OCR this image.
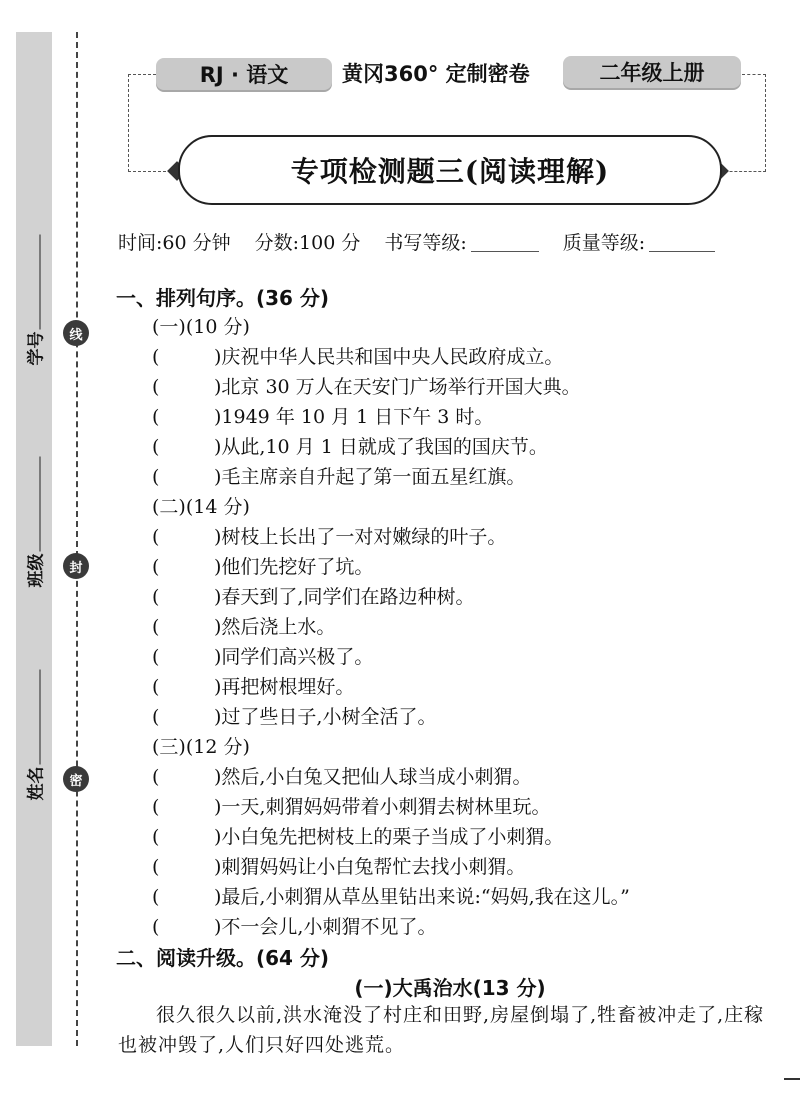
学号
班级
姓名
线
封
密
RJ · 语文	黄冈360° 定制密卷	二年级上册
专项检测题三(阅读理解)
时间:60 分钟 分数:100 分 书写等级:	质量等级:
一、排列句序。(36 分)
(一)(10 分)
(	)庆祝中华人民共和国中央人民政府成立。
(	)北京 30 万人在天安门广场举行开国大典。
(	)1949 年 10 月 1 日下午 3 时。
(	)从此,10 月 1 日就成了我国的国庆节。
(	)毛主席亲自升起了第一面五星红旗。
(二)(14 分)
(	)树枝上长出了一对对嫩绿的叶子。
(	)他们先挖好了坑。
(	)春天到了,同学们在路边种树。
(	)然后浇上水。
(	)同学们高兴极了。
(	)再把树根埋好。
(	)过了些日子,小树全活了。
(三)(12 分)
(	)然后,小白兔又把仙人球当成小刺猬。
(	)一天,刺猬妈妈带着小刺猬去树林里玩。
(	)小白兔先把树枝上的栗子当成了小刺猬。
(	)刺猬妈妈让小白兔帮忙去找小刺猬。
(	)最后,小刺猬从草丛里钻出来说:“妈妈,我在这儿。”
(	)不一会儿,小刺猬不见了。
二、阅读升级。(64 分)
(一)大禹治水(13 分)
很久很久以前,洪水淹没了村庄和田野,房屋倒塌了,牲畜被冲走了,庄稼也被冲毁了,人们只好四处逃荒。
